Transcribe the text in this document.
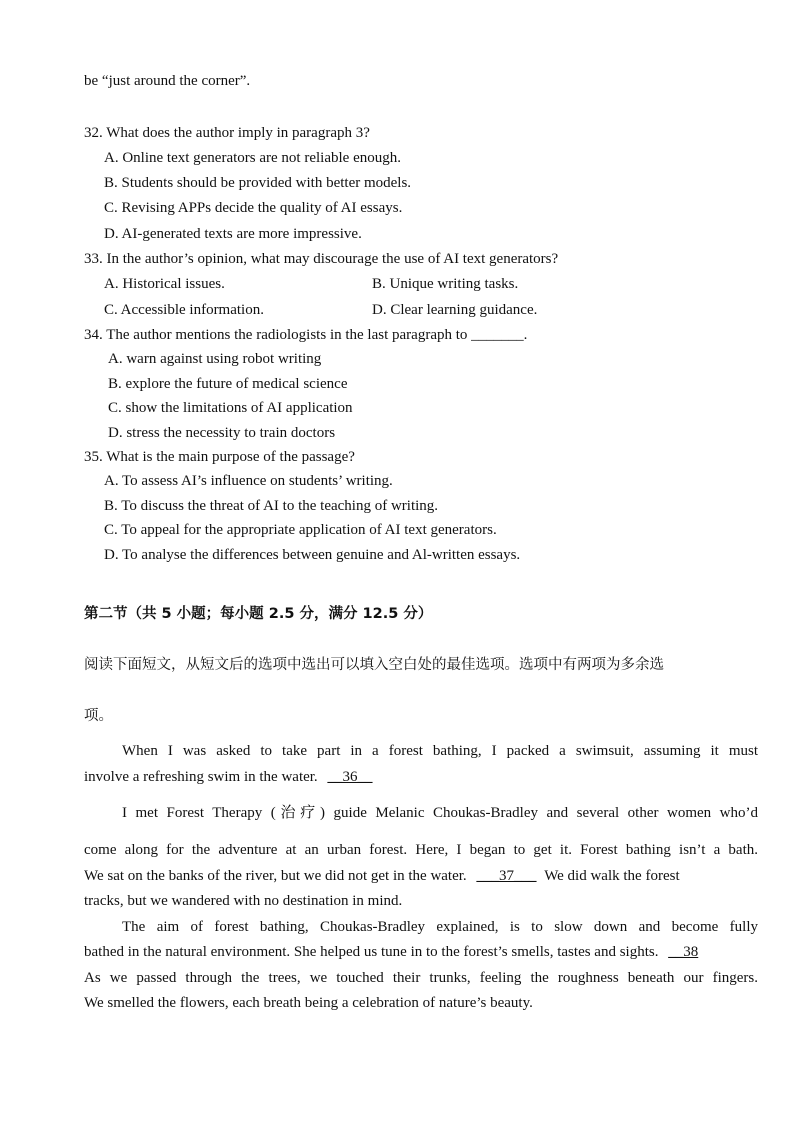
be “just around the corner”.
32. What does the author imply in paragraph 3?
A. Online text generators are not reliable enough.
B. Students should be provided with better models.
C. Revising APPs decide the quality of AI essays.
D. AI-generated texts are more impressive.
33. In the author’s opinion, what may discourage the use of AI text generators?
A. Historical issues.	B. Unique writing tasks.
C. Accessible information.	D. Clear learning guidance.
34. The author mentions the radiologists in the last paragraph to _______.
A. warn against using robot writing
B. explore the future of medical science
C. show the limitations of AI application
D. stress the necessity to train doctors
35. What is the main purpose of the passage?
A. To assess AI’s influence on students’ writing.
B. To discuss the threat of AI to the teaching of writing.
C. To appeal for the appropriate application of AI text generators.
D. To analyse the differences between genuine and Al-written essays.
第二节（共 5 小题；每小题 2.5 分，满分 12.5 分）
阅读下面短文，从短文后的选项中选出可以填入空白处的最佳选项。选项中有两项为多余选
项。
When I was asked to take part in a forest bathing, I packed a swimsuit, assuming it must
involve a refreshing swim in the water. __36__
I met Forest Therapy (治疗) guide Melanic Choukas-Bradley and several other women who’d
come along for the adventure at an urban forest. Here, I began to get it. Forest bathing isn’t a bath.
We sat on the banks of the river, but we did not get in the water. ___37___ We did walk the forest
tracks, but we wandered with no destination in mind.
The aim of forest bathing, Choukas-Bradley explained, is to slow down and become fully
bathed in the natural environment. She helped us tune in to the forest’s smells, tastes and sights. __38
As we passed through the trees, we touched their trunks, feeling the roughness beneath our fingers.
We smelled the flowers, each breath being a celebration of nature’s beauty.
